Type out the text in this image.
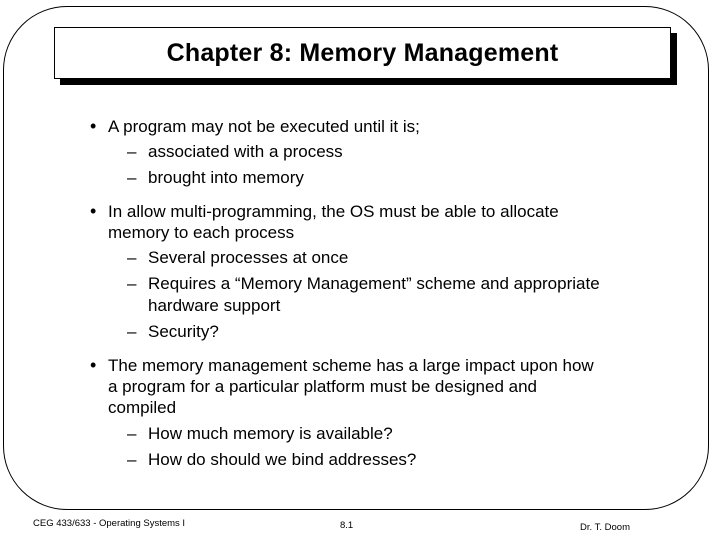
Chapter 8: Memory Management
• A program may not be executed until it is;
– associated with a process
– brought into memory
• In allow multi-programming, the OS must be able to allocate
memory to each process
– Several processes at once
– Requires a “Memory Management” scheme and appropriate
hardware support
– Security?
• The memory management scheme has a large impact upon how
a program for a particular platform must be designed and
compiled
– How much memory is available?
– How do should we bind addresses?
CEG 433/633 - Operating Systems I	8.1	Dr. T. Doom
